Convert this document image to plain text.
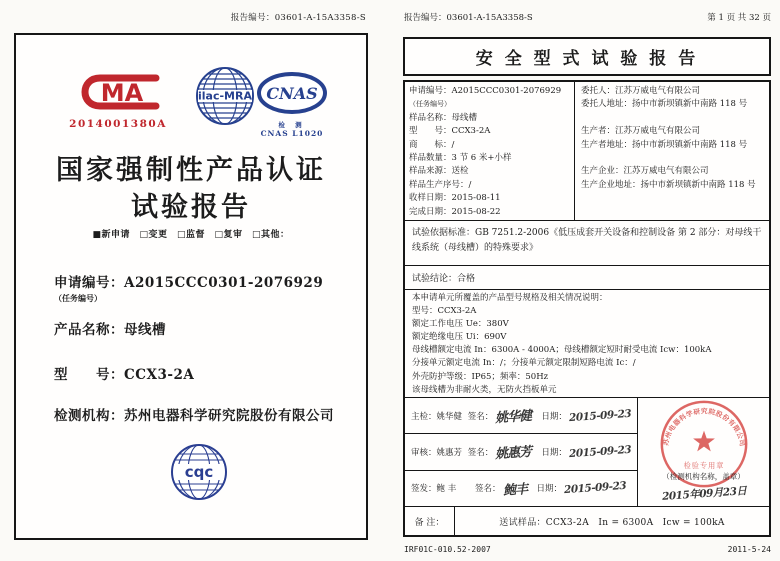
报告编号：03601-A-15A3358-S
MA
2014001380A
ilac-MRA CNAS
检 测
CNAS L1020
国家强制性产品认证
试验报告
■新申请　□变更　□监督　□复审　□其他：
申请编号：A2015CCC0301-2076929
（任务编号）
产品名称：母线槽
型　　号：CCX3-2A
检测机构：苏州电器科学研究院股份有限公司
cqc
报告编号：03601-A-15A3358-S	第 1 页 共 32 页
安 全 型 式 试 验 报 告
申请编号：A2015CCC0301-2076929
（任务编号）
样品名称：母线槽
型　　号：CCX3-2A
商　　标：/
样品数量：3 节 6 米+小样
样品来源：送检
样品生产序号：/
收样日期：2015-08-11
完成日期：2015-08-22
委托人：江苏万威电气有限公司
委托人地址：扬中市新坝镇新中南路 118 号
生产者：江苏万威电气有限公司
生产者地址：扬中市新坝镇新中南路 118 号
生产企业：江苏万威电气有限公司
生产企业地址：扬中市新坝镇新中南路 118 号
试验依据标准：GB 7251.2-2006《低压成套开关设备和控制设备 第 2 部分：对母线干线系统（母线槽）的特殊要求》
试验结论：合格
本申请单元所覆盖的产品型号规格及相关情况说明：
型号：CCX3-2A
额定工作电压 Ue：380V
额定绝缘电压 Ui：690V
母线槽额定电流 In：6300A - 4000A；母线槽额定短时耐受电流 Icw：100kA
分接单元额定电流 In：/；分接单元额定限制短路电流 Ic：/
外壳防护等级：IP65；频率：50Hz
该母线槽为非耐火类，无防火挡板单元
主检：姚华健 签名： 姚华健 日期： 2015-09-23
审核：姚惠芳 签名： 姚惠芳 日期： 2015-09-23
签发：鲍 丰	签名： 鲍丰 日期： 2015-09-23
苏州电器科学研究院股份有限公司
检验专用章
（检测机构名称，盖章）
2015年09月23日
备 注：	送试样品：CCX3-2A　In = 6300A　Icw = 100kA
IRF01C-010.52-2007	2011-5-24
